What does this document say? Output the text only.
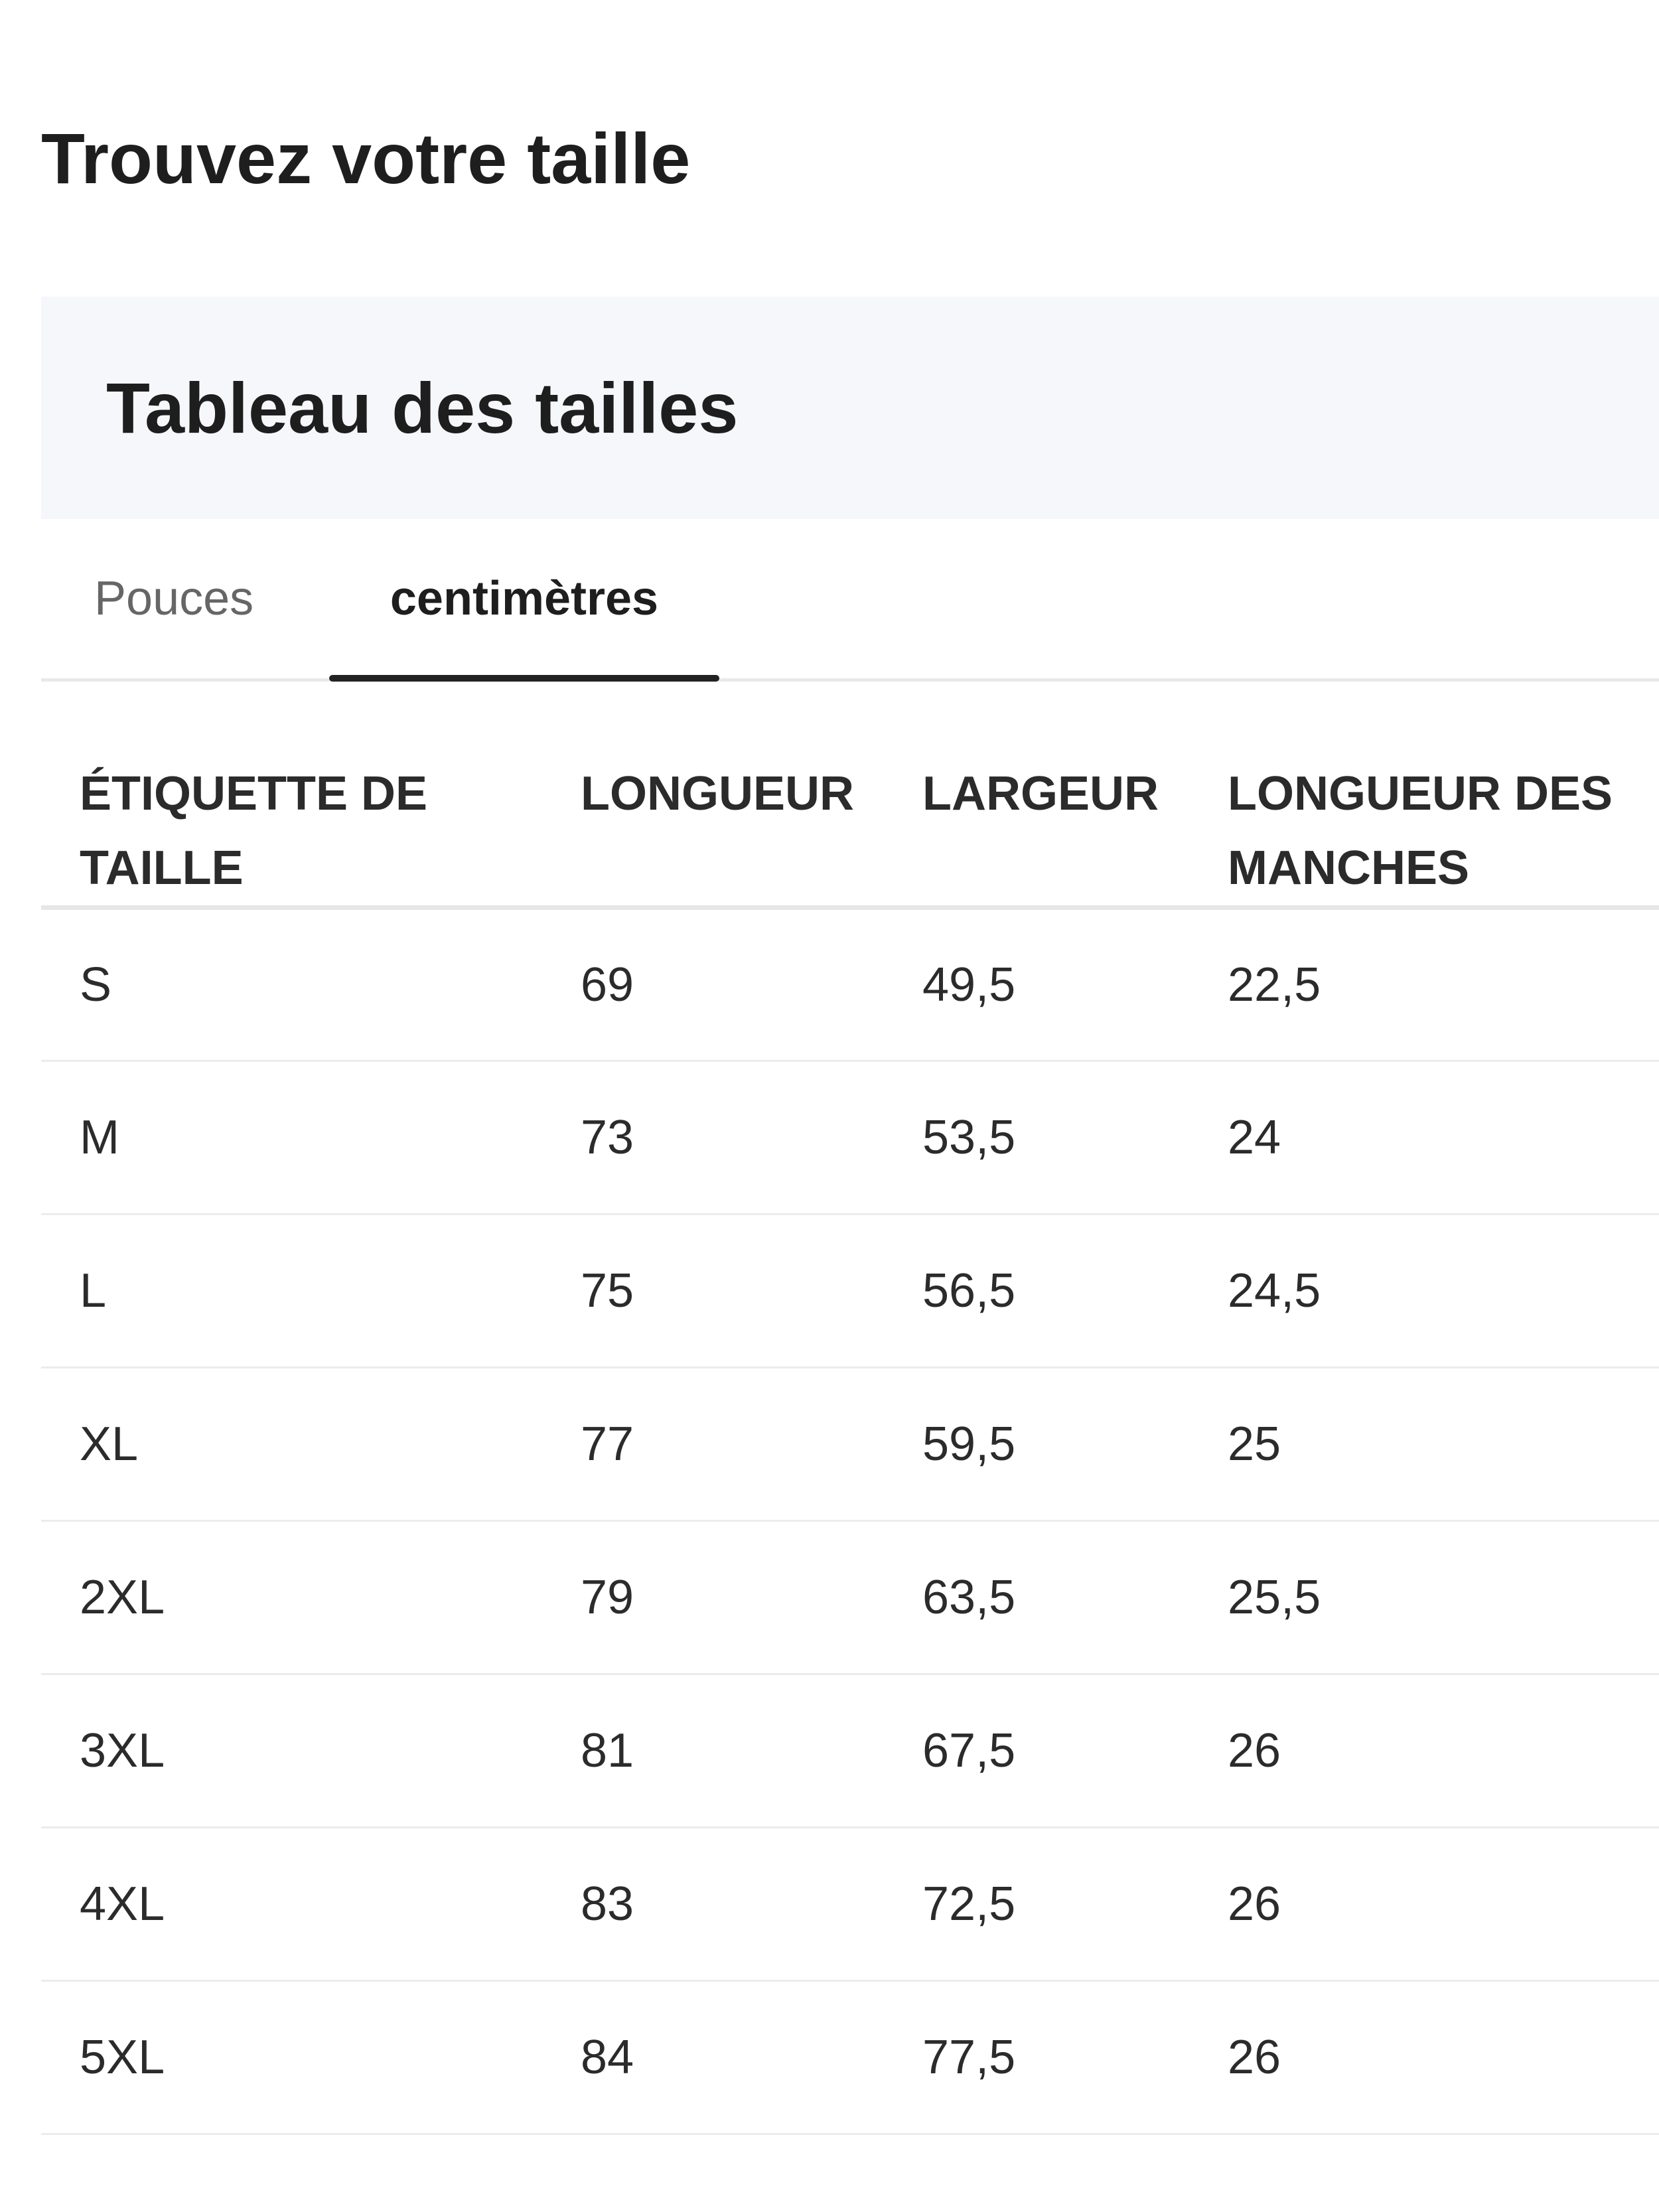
Trouvez votre taille
Tableau des tailles
Pouces	centimètres
ÉTIQUETTE DE TAILLE	LONGUEUR	LARGEUR	LONGUEUR DES MANCHES
S	69	49,5	22,5
M	73	53,5	24
L	75	56,5	24,5
XL	77	59,5	25
2XL	79	63,5	25,5
3XL	81	67,5	26
4XL	83	72,5	26
5XL	84	77,5	26
